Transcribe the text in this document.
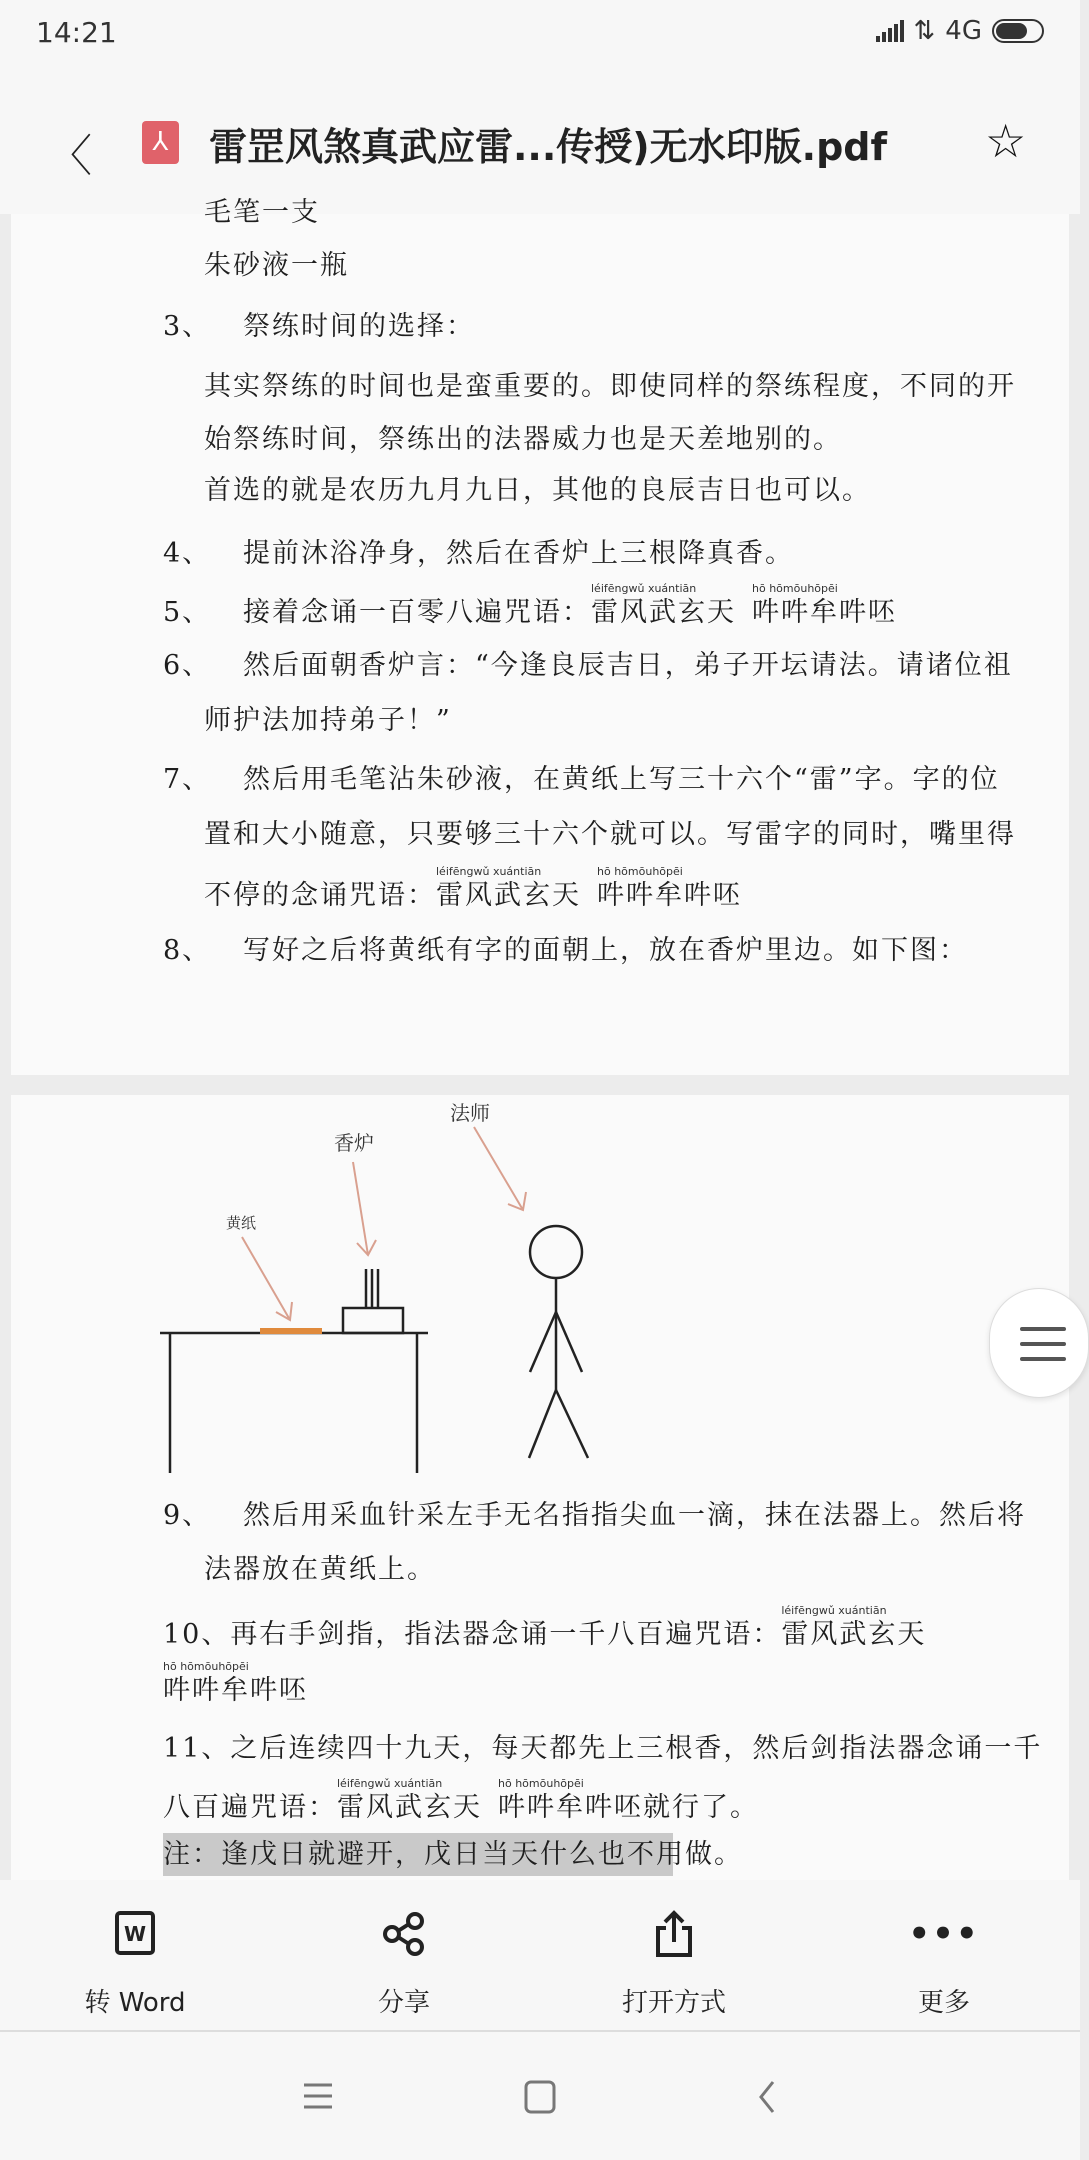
14:21	⇅ 4G
〈	⅄ 雷罡风煞真武应雷...传授)无水印版.pdf ☆
毛笔一支
朱砂液一瓶
3、 祭练时间的选择：
其实祭练的时间也是蛮重要的。即使同样的祭练程度，不同的开
始祭练时间，祭练出的法器威力也是天差地别的。
首选的就是农历九月九日，其他的良辰吉日也可以。
4、 提前沐浴净身，然后在香炉上三根降真香。
5、 接着念诵一百零八遍咒语：
léifēngwǔ xuántiān
雷风武玄天
hō hōmōuhōpēi
吽吽牟吽呸
6、 然后面朝香炉言：“今逢良辰吉日，弟子开坛请法。请诸位祖
师护法加持弟子！”
7、 然后用毛笔沾朱砂液，在黄纸上写三十六个“雷”字。字的位
置和大小随意，只要够三十六个就可以。写雷字的同时，嘴里得
不停的念诵咒语：
léifēngwǔ xuántiān
雷风武玄天
hō hōmōuhōpēi
吽吽牟吽呸
8、 写好之后将黄纸有字的面朝上，放在香炉里边。如下图：
黄纸
香炉
法师
9、 然后用采血针采左手无名指指尖血一滴，抹在法器上。然后将
法器放在黄纸上。
10、再右手剑指，指法器念诵一千八百遍咒语：
léifēngwǔ xuántiān
雷风武玄天
hō hōmōuhōpēi
吽吽牟吽呸
11、之后连续四十九天，每天都先上三根香，然后剑指法器念诵一千
八百遍咒语：
léifēngwǔ xuántiān
雷风武玄天
hō hōmōuhōpēi
吽吽牟吽呸就行了。
注：逢戊日就避开，戊日当天什么也不用做。
W
转 Word	分享	打开方式
•••
更多
